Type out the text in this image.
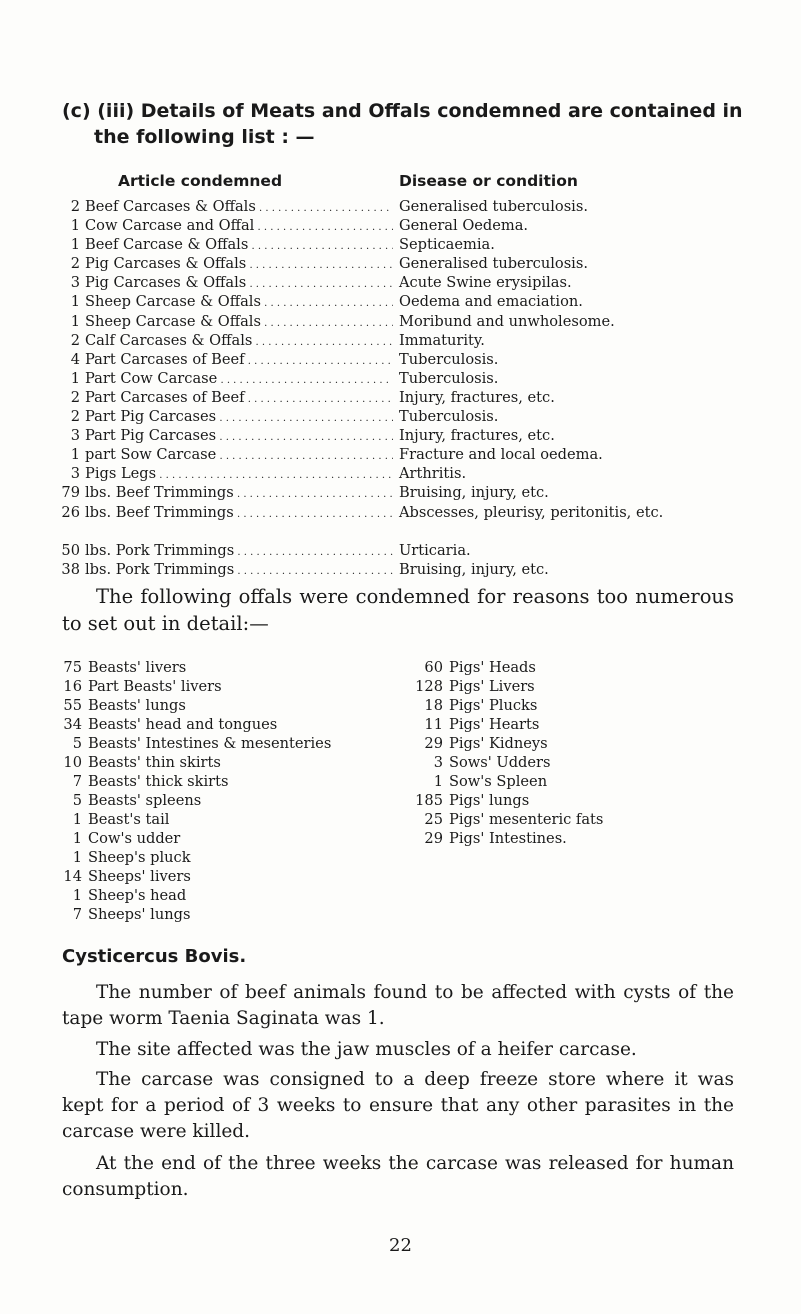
(c) (iii) Details of Meats and Offals condemned are contained in
the following list : —
Article condemned	Disease or condition
2 Beef Carcases & Offals . . .	Generalised tuberculosis.
1 Cow Carcase and Offal . . .	General Oedema.
1 Beef Carcase & Offals . . .	Septicaemia.
2 Pig Carcases & Offals . . .	Generalised tuberculosis.
3 Pig Carcases & Offals . . .	Acute Swine erysipilas.
1 Sheep Carcase & Offals . . .	Oedema and emaciation.
1 Sheep Carcase & Offals . . .	Moribund and unwholesome.
2 Calf Carcases & Offals . . .	Immaturity.
4 Part Carcases of Beef . . .	Tuberculosis.
1 Part Cow Carcase . . .	Tuberculosis.
2 Part Carcases of Beef . . .	Injury, fractures, etc.
2 Part Pig Carcases . . .	Tuberculosis.
3 Part Pig Carcases . . .	Injury, fractures, etc.
1 part Sow Carcase . . .	Fracture and local oedema.
3 Pigs Legs . . .	Arthritis.
79 lbs. Beef Trimmings . . .	Bruising, injury, etc.
26 lbs. Beef Trimmings . . .	Abscesses, pleurisy, peritonitis, etc.
50 lbs. Pork Trimmings . . .	Urticaria.
38 lbs. Pork Trimmings . . .	Bruising, injury, etc.
The following offals were condemned for reasons too numerous to set out in detail:—
75 Beasts' livers
16 Part Beasts' livers
55 Beasts' lungs
34 Beasts' head and tongues
5 Beasts' Intestines & mesenteries
10 Beasts' thin skirts
7 Beasts' thick skirts
5 Beasts' spleens
1 Beast's tail
1 Cow's udder
1 Sheep's pluck
14 Sheeps' livers
1 Sheep's head
7 Sheeps' lungs
60 Pigs' Heads
128 Pigs' Livers
18 Pigs' Plucks
11 Pigs' Hearts
29 Pigs' Kidneys
3 Sows' Udders
1 Sow's Spleen
185 Pigs' lungs
25 Pigs' mesenteric fats
29 Pigs' Intestines.
Cysticercus Bovis.
The number of beef animals found to be affected with cysts of the tape worm Taenia Saginata was 1.
The site affected was the jaw muscles of a heifer carcase.
The carcase was consigned to a deep freeze store where it was kept for a period of 3 weeks to ensure that any other parasites in the carcase were killed.
At the end of the three weeks the carcase was released for human consumption.
22
